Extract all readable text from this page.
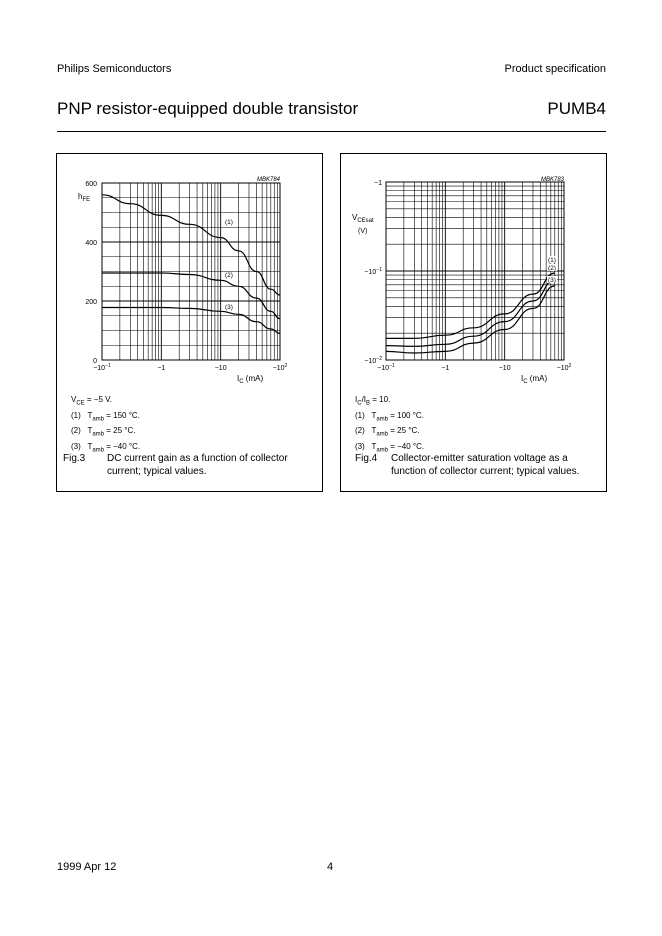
Philips Semiconductors	Product specification
PNP resistor-equipped double transistor	PUMB4
MBK784
$-10^{-1}$	−1	−10	$-10^2$
0
200
400
600
$I_C$ (mA)
$h_{FE}$
(1)
(2)
(3)
$V_{CE} = -5$ V.
(1) $T_{amb} = 150$ °C.
(2) $T_{amb} = 25$ °C.
(3) $T_{amb} = -40$ °C.
Fig.3	DC current gain as a function of collector
current; typical values.
MBK783
$-10^{-1}$	−1	−10	$-10^2$
$-10^{-2}$
$-10^{-1}$
−1
$I_C$ (mA)
$V_{CEsat}$
(V)
(1)
(2)
(3)
$I_C/I_B = 10$.
(1) $T_{amb} = 100$ °C.
(2) $T_{amb} = 25$ °C.
(3) $T_{amb} = -40$ °C.
Fig.4	Collector-emitter saturation voltage as a
function of collector current; typical values.
1999 Apr 12	4
